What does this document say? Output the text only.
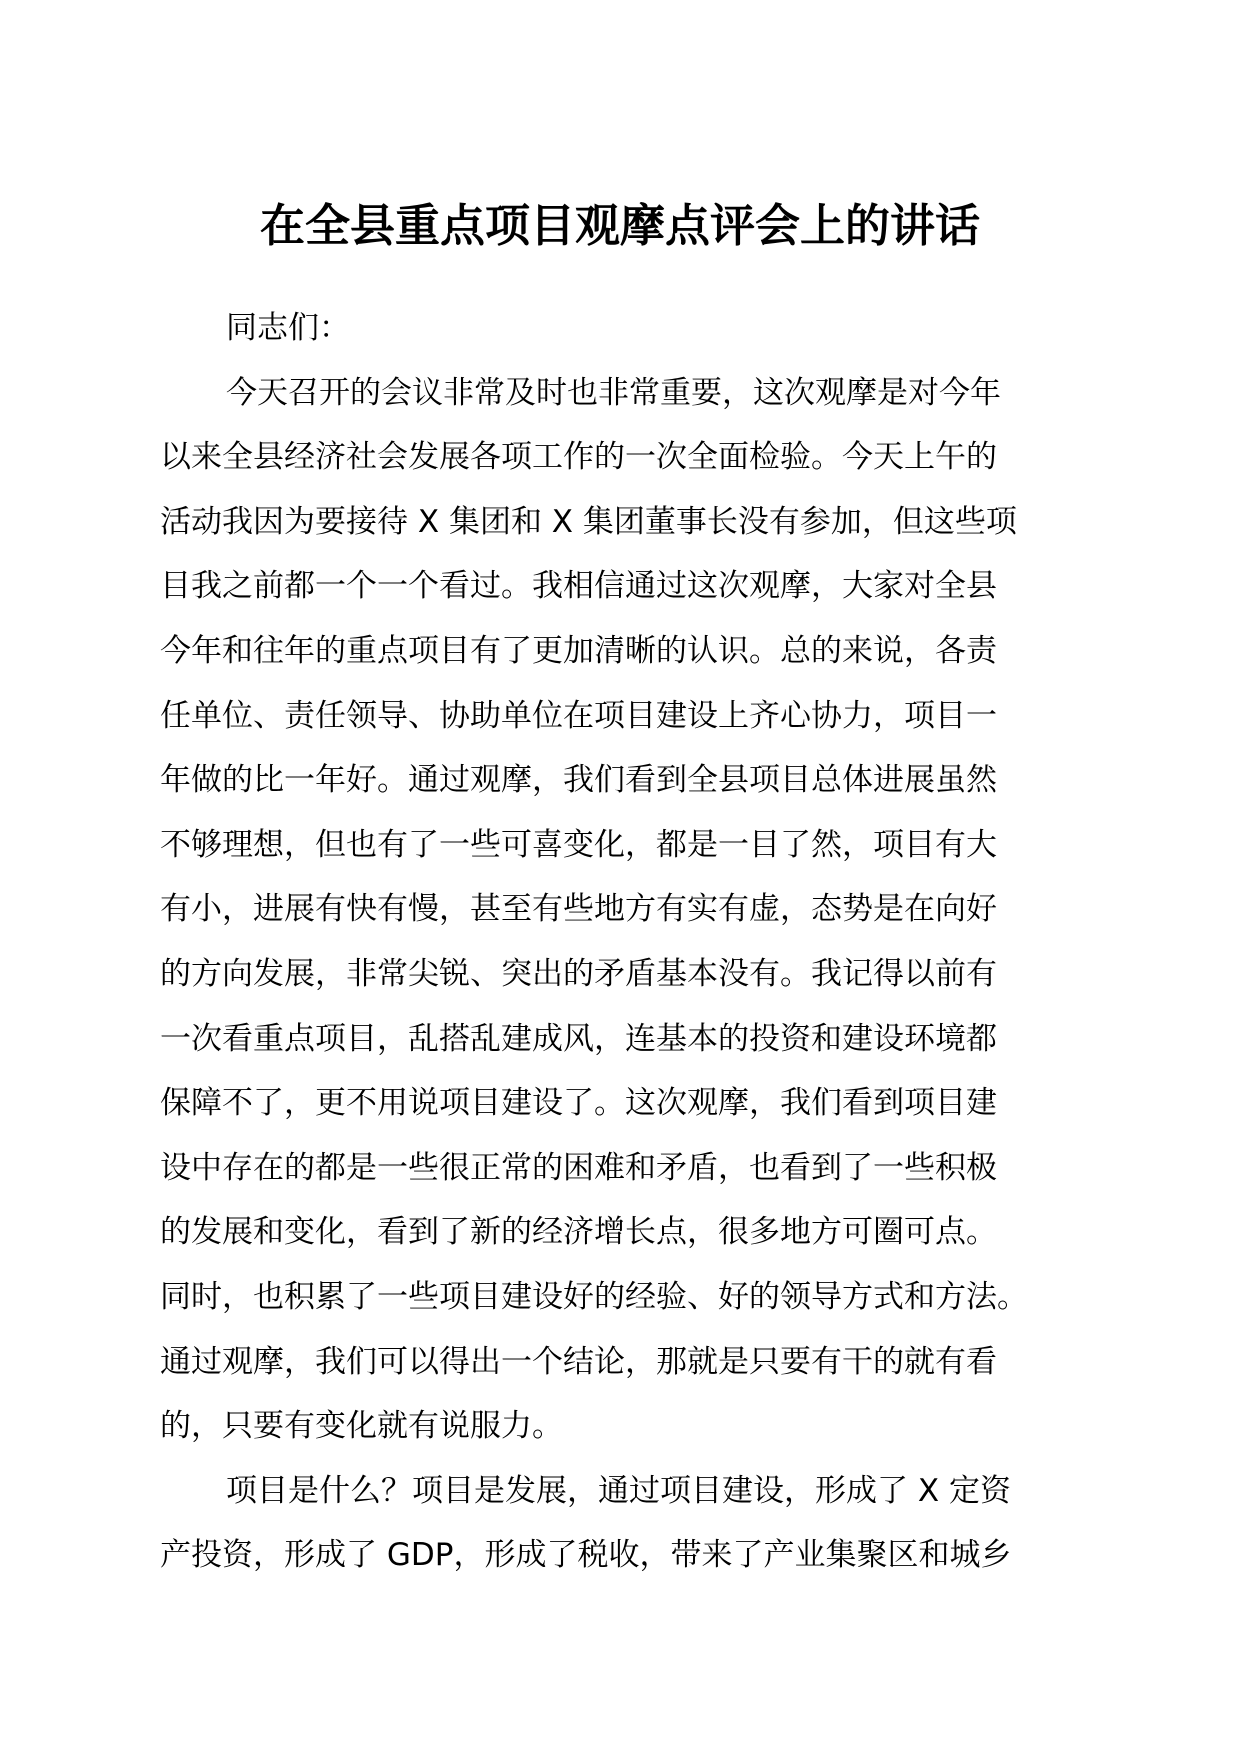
在全县重点项目观摩点评会上的讲话
同志们：
今天召开的会议非常及时也非常重要，这次观摩是对今年
以来全县经济社会发展各项工作的一次全面检验。今天上午的
活动我因为要接待 X 集团和 X 集团董事长没有参加，但这些项
目我之前都一个一个看过。我相信通过这次观摩，大家对全县
今年和往年的重点项目有了更加清晰的认识。总的来说，各责
任单位、责任领导、协助单位在项目建设上齐心协力，项目一
年做的比一年好。通过观摩，我们看到全县项目总体进展虽然
不够理想，但也有了一些可喜变化，都是一目了然，项目有大
有小，进展有快有慢，甚至有些地方有实有虚，态势是在向好
的方向发展，非常尖锐、突出的矛盾基本没有。我记得以前有
一次看重点项目，乱搭乱建成风，连基本的投资和建设环境都
保障不了，更不用说项目建设了。这次观摩，我们看到项目建
设中存在的都是一些很正常的困难和矛盾，也看到了一些积极
的发展和变化，看到了新的经济增长点，很多地方可圈可点。
同时，也积累了一些项目建设好的经验、好的领导方式和方法。
通过观摩，我们可以得出一个结论，那就是只要有干的就有看
的，只要有变化就有说服力。
项目是什么？项目是发展，通过项目建设，形成了 X 定资
产投资，形成了 GDP，形成了税收，带来了产业集聚区和城乡
